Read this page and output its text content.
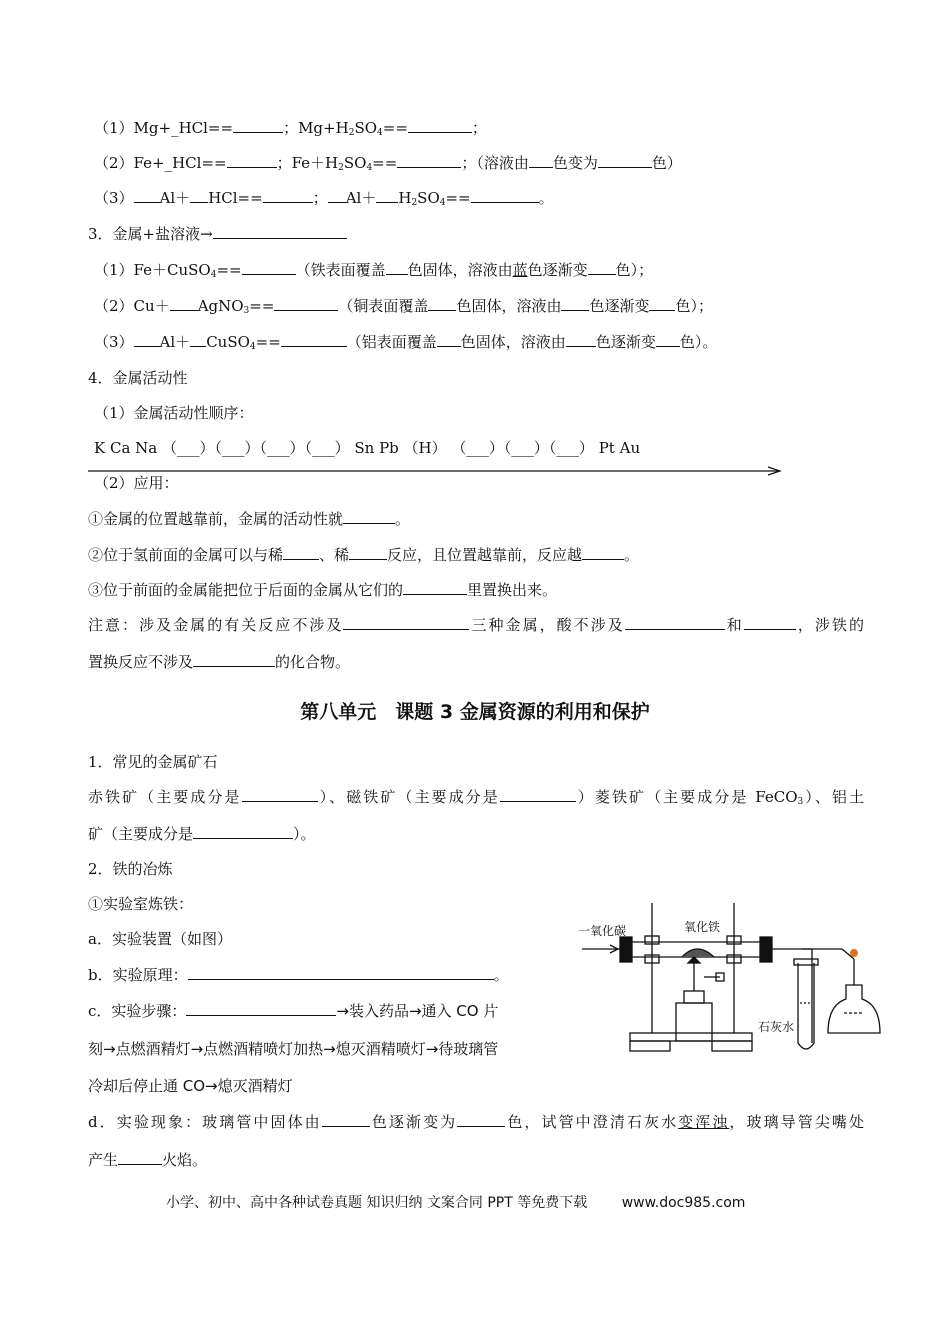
（1）Mg+_HCl==	；$Mg+H_2SO_4==$	；
（2）Fe+_HCl==	；$Fe+H_2SO_4==$	；（溶液由 色变为	色）
（3） Al＋ HCl==	； $Al+ H_2SO_4==$	。
3．金属+盐溶液→
（1）Fe＋CuSO$_4$==	（铁表面覆盖 色固体，溶液由蓝色逐渐变 色）；
（2）Cu＋ AgNO$_3$==	（铜表面覆盖 色固体，溶液由 色逐渐变 色）；
（3） Al＋ CuSO$_4$==	（铝表面覆盖 色固体，溶液由 色逐渐变 色）。
4．金属活动性
（1）金属活动性顺序：
K Ca Na （___）（___）（___）（___） Sn Pb （H） （___）（___）（___） Pt Au
（2）应用：
①金属的位置越靠前，金属的活动性就	。
②位于氢前面的金属可以与稀 、稀	反应，且位置越靠前，反应越	。
③位于前面的金属能把位于后面的金属从它们的	里置换出来。
注意：涉及金属的有关反应不涉及	三种金属，酸不涉及	和	，涉铁的
置换反应不涉及	的化合物。
第八单元　课题 3 金属资源的利用和保护
1．常见的金属矿石
赤铁矿（主要成分是	）、磁铁矿（主要成分是	）菱铁矿（主要成分是 FeCO$_3$）、铝土
矿（主要成分是	）。
2．铁的冶炼
①实验室炼铁：
a．实验装置（如图）
b．实验原理：	。
c．实验步骤：	→装入药品→通入 CO 片
刻→点燃酒精灯→点燃酒精喷灯加热→熄灭酒精喷灯→待玻璃管
冷却后停止通 CO→熄灭酒精灯
d．实验现象：玻璃管中固体由	色逐渐变为	色，试管中澄清石灰水变浑浊，玻璃导管尖嘴处
产生	火焰。
一氧化碳	氧化铁
石灰水
小学、初中、高中各种试卷真题 知识归纳 文案合同 PPT 等免费下载 www.doc985.com
